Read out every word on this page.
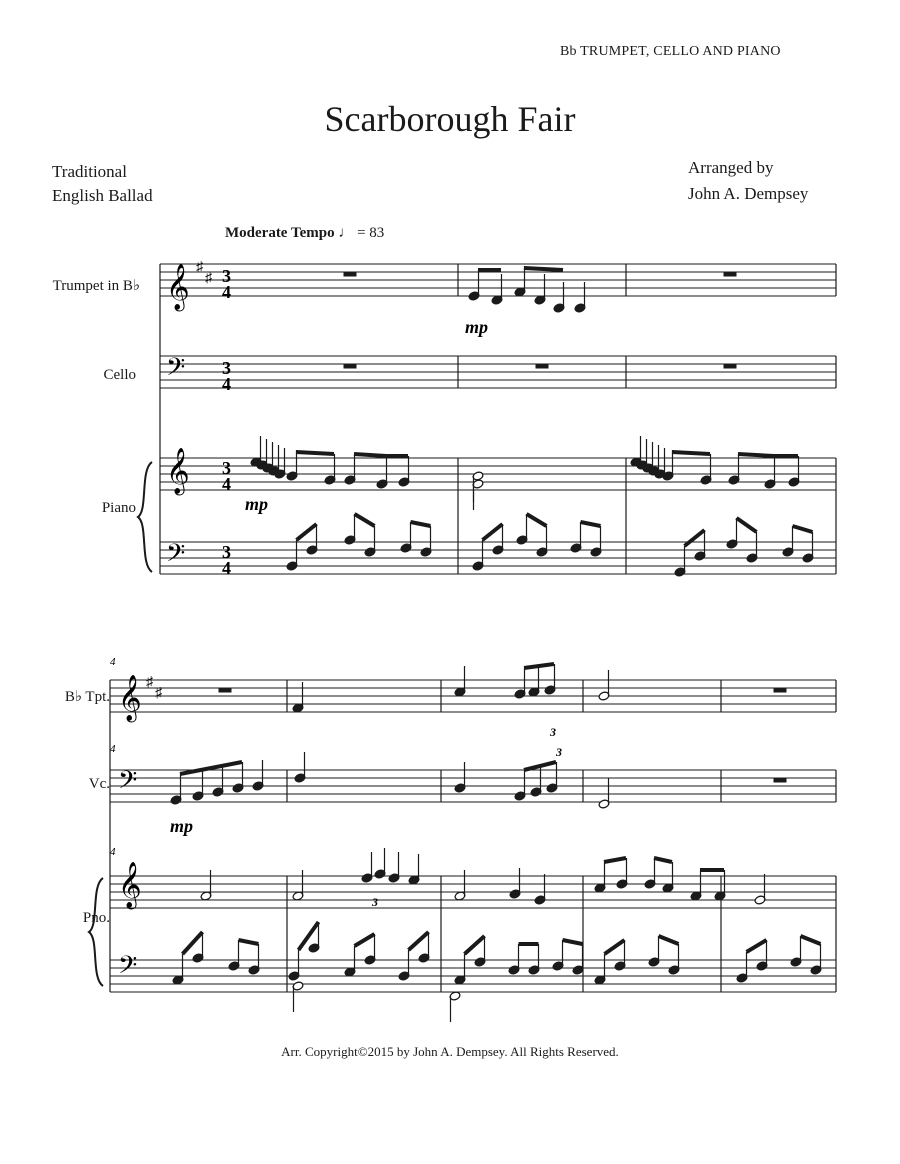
Bb TRUMPET, CELLO AND PIANO
Scarborough Fair
Traditional
English Ballad
Arranged by
John A. Dempsey
Moderate Tempo ♩ = 83
Trumpet in B♭
Cello
Piano
B♭ Tpt.
Vc.
Pno.
𝄞
𝄢
𝄞
𝄢
𝄞
𝄢
𝄞
𝄢
♯
♯
♯
♯
3
4
3
4
3
4
3
4
mp
mp
mp
4
4
4
3
3
3
Arr. Copyright©2015 by John A. Dempsey. All Rights Reserved.
